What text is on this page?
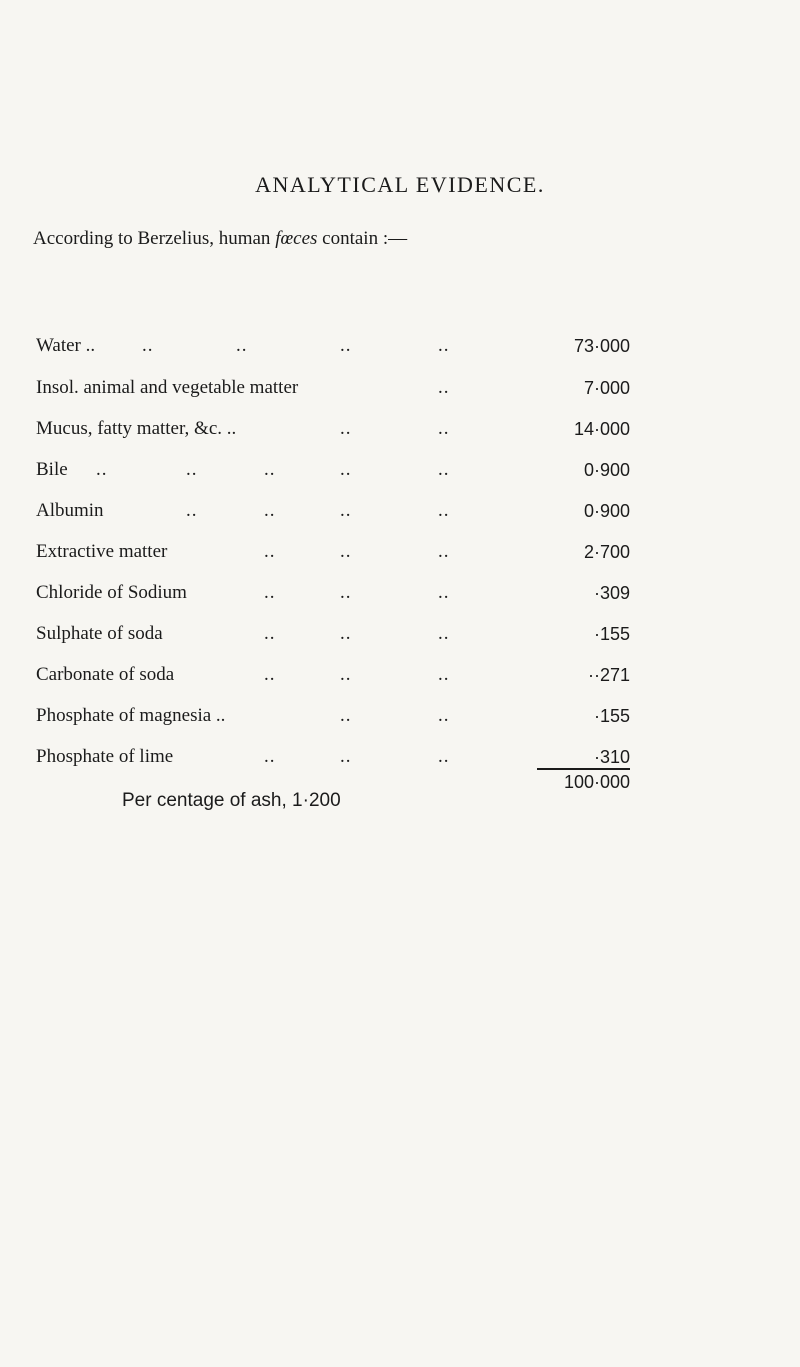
ANALYTICAL EVIDENCE.
According to Berzelius, human fœces contain :—
Water .. ..	..	..	..	73·000
Insol. animal and vegetable matter	..	7·000
Mucus, fatty matter, &c. ..	..	..	14·000
Bile ..	..	..	..	..	0·900
Albumin	..	..	..	..	0·900
Extractive matter	..	..	..	2·700
Chloride of Sodium	..	..	..	·309
Sulphate of soda	..	..	..	·155
Carbonate of soda	..	..	..	··271
Phosphate of magnesia ..	..	..	·155
Phosphate of lime	..	..	..	·310
100·000
Per centage of ash, 1·200
